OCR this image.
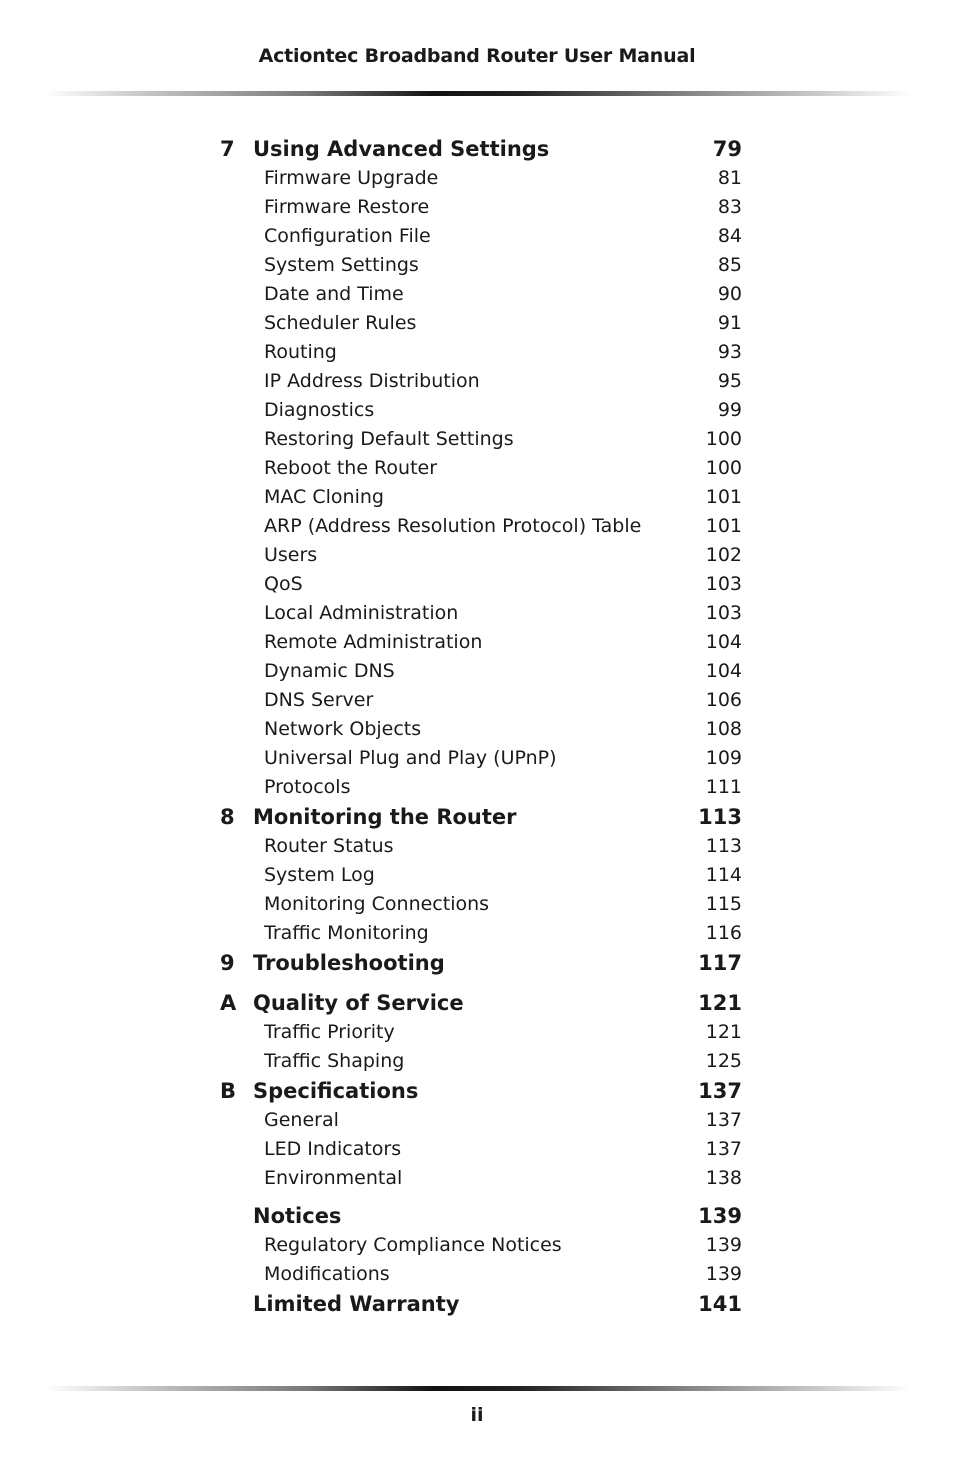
Actiontec Broadband Router User Manual
7 Using Advanced Settings	79
Firmware Upgrade	81
Firmware Restore	83
Configuration File	84
System Settings	85
Date and Time	90
Scheduler Rules	91
Routing	93
IP Address Distribution	95
Diagnostics	99
Restoring Default Settings	100
Reboot the Router	100
MAC Cloning	101
ARP (Address Resolution Protocol) Table	101
Users	102
QoS	103
Local Administration	103
Remote Administration	104
Dynamic DNS	104
DNS Server	106
Network Objects	108
Universal Plug and Play (UPnP)	109
Protocols	111
8 Monitoring the Router	113
Router Status	113
System Log	114
Monitoring Connections	115
Traffic Monitoring	116
9 Troubleshooting	117
A Quality of Service	121
Traffic Priority	121
Traffic Shaping	125
B Specifications	137
General	137
LED Indicators	137
Environmental	138
Notices	139
Regulatory Compliance Notices	139
Modifications	139
Limited Warranty	141
ii
